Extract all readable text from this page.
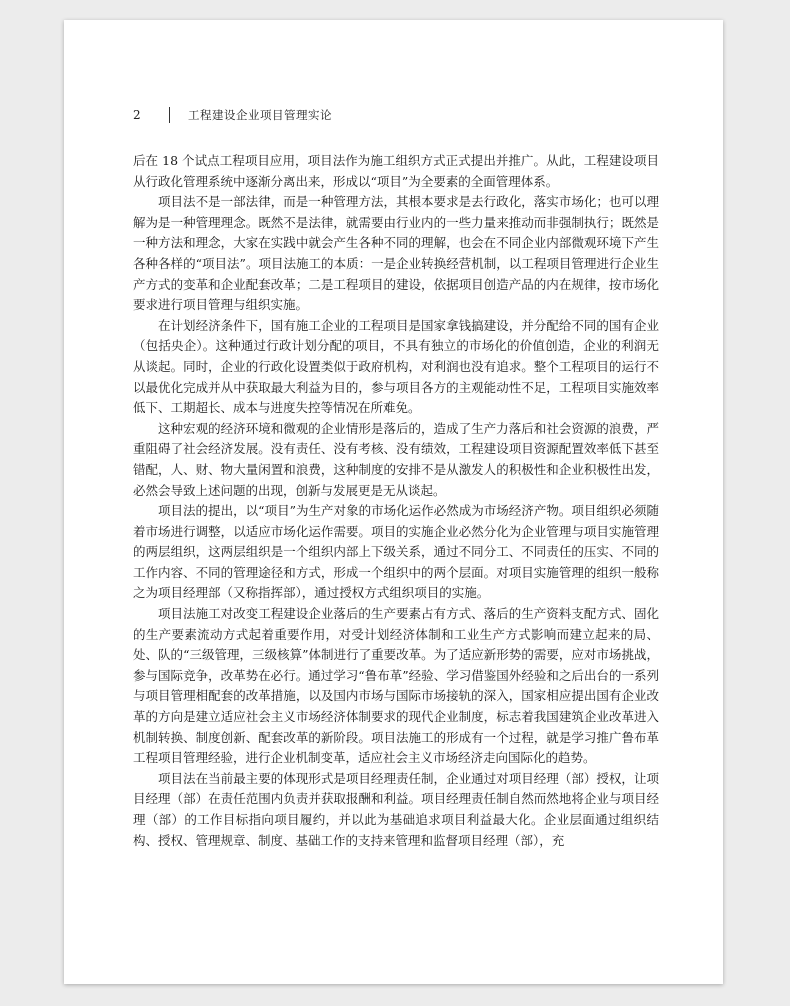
2	工程建设企业项目管理实论

后在 18 个试点工程项目应用，项目法作为施工组织方式正式提出并推广。从此，工程建设项目从行政化管理系统中逐渐分离出来，形成以“项目”为全要素的全面管理体系。

项目法不是一部法律，而是一种管理方法，其根本要求是去行政化，落实市场化；也可以理解为是一种管理理念。既然不是法律，就需要由行业内的一些力量来推动而非强制执行；既然是一种方法和理念，大家在实践中就会产生各种不同的理解，也会在不同企业内部微观环境下产生各种各样的“项目法”。项目法施工的本质：一是企业转换经营机制，以工程项目管理进行企业生产方式的变革和企业配套改革；二是工程项目的建设，依据项目创造产品的内在规律，按市场化要求进行项目管理与组织实施。

在计划经济条件下，国有施工企业的工程项目是国家拿钱搞建设，并分配给不同的国有企业（包括央企）。这种通过行政计划分配的项目，不具有独立的市场化的价值创造，企业的利润无从谈起。同时，企业的行政化设置类似于政府机构，对利润也没有追求。整个工程项目的运行不以最优化完成并从中获取最大利益为目的，参与项目各方的主观能动性不足，工程项目实施效率低下、工期超长、成本与进度失控等情况在所难免。

这种宏观的经济环境和微观的企业情形是落后的，造成了生产力落后和社会资源的浪费，严重阻碍了社会经济发展。没有责任、没有考核、没有绩效，工程建设项目资源配置效率低下甚至错配，人、财、物大量闲置和浪费，这种制度的安排不是从激发人的积极性和企业积极性出发，必然会导致上述问题的出现，创新与发展更是无从谈起。

项目法的提出，以“项目”为生产对象的市场化运作必然成为市场经济产物。项目组织必须随着市场进行调整，以适应市场化运作需要。项目的实施企业必然分化为企业管理与项目实施管理的两层组织，这两层组织是一个组织内部上下级关系，通过不同分工、不同责任的压实、不同的工作内容、不同的管理途径和方式，形成一个组织中的两个层面。对项目实施管理的组织一般称之为项目经理部（又称指挥部），通过授权方式组织项目的实施。

项目法施工对改变工程建设企业落后的生产要素占有方式、落后的生产资料支配方式、固化的生产要素流动方式起着重要作用，对受计划经济体制和工业生产方式影响而建立起来的局、处、队的“三级管理，三级核算”体制进行了重要改革。为了适应新形势的需要，应对市场挑战，参与国际竞争，改革势在必行。通过学习“鲁布革”经验、学习借鉴国外经验和之后出台的一系列与项目管理相配套的改革措施，以及国内市场与国际市场接轨的深入，国家相应提出国有企业改革的方向是建立适应社会主义市场经济体制要求的现代企业制度，标志着我国建筑企业改革进入机制转换、制度创新、配套改革的新阶段。项目法施工的形成有一个过程，就是学习推广鲁布革工程项目管理经验，进行企业机制变革，适应社会主义市场经济走向国际化的趋势。

项目法在当前最主要的体现形式是项目经理责任制，企业通过对项目经理（部）授权，让项目经理（部）在责任范围内负责并获取报酬和利益。项目经理责任制自然而然地将企业与项目经理（部）的工作目标指向项目履约，并以此为基础追求项目利益最大化。企业层面通过组织结构、授权、管理规章、制度、基础工作的支持来管理和监督项目经理（部），充
